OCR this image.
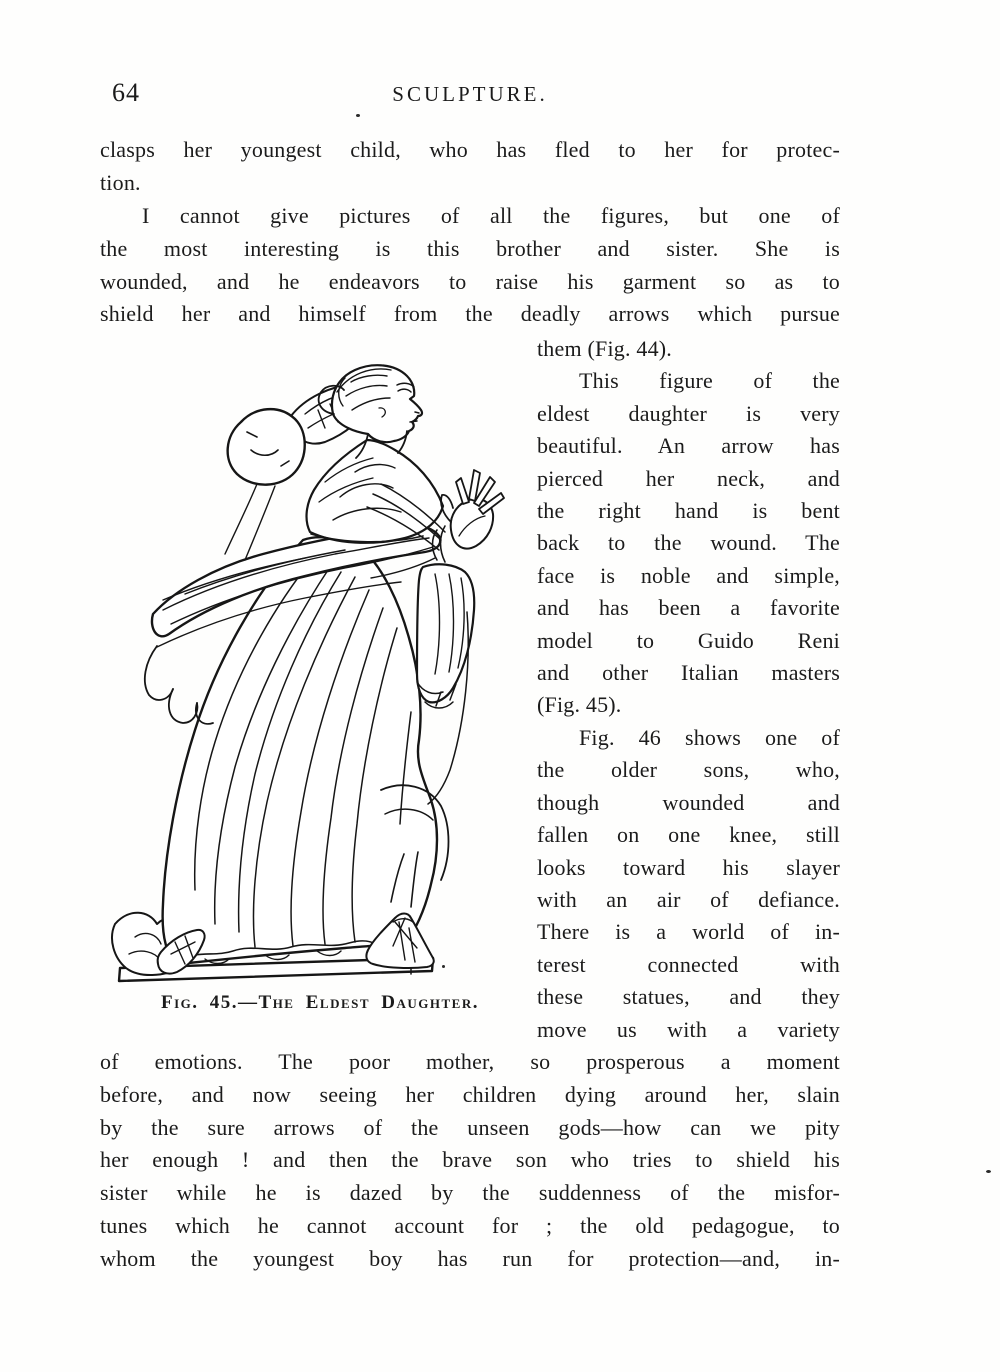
64	SCULPTURE.
clasps her youngest child, who has fled to her for protec-
tion.
I cannot give pictures of all the figures, but one of
the most interesting is this brother and sister. She is
wounded, and he endeavors to raise his garment so as to
shield her and himself from the deadly arrows which pursue
Fig. 45.—The Eldest Daughter.
them (Fig. 44).
This figure of the
eldest daughter is very
beautiful. An arrow has
pierced her neck, and
the right hand is bent
back to the wound. The
face is noble and simple,
and has been a favorite
model to Guido Reni
and other Italian masters
(Fig. 45).
Fig. 46 shows one of
the older sons, who,
though wounded and
fallen on one knee, still
looks toward his slayer
with an air of defiance.
There is a world of in-
terest connected with
these statues, and they
move us with a variety
of emotions. The poor mother, so prosperous a moment
before, and now seeing her children dying around her, slain
by the sure arrows of the unseen gods—how can we pity
her enough ! and then the brave son who tries to shield his
sister while he is dazed by the suddenness of the misfor-
tunes which he cannot account for ; the old pedagogue, to
whom the youngest boy has run for protection—and, in-
